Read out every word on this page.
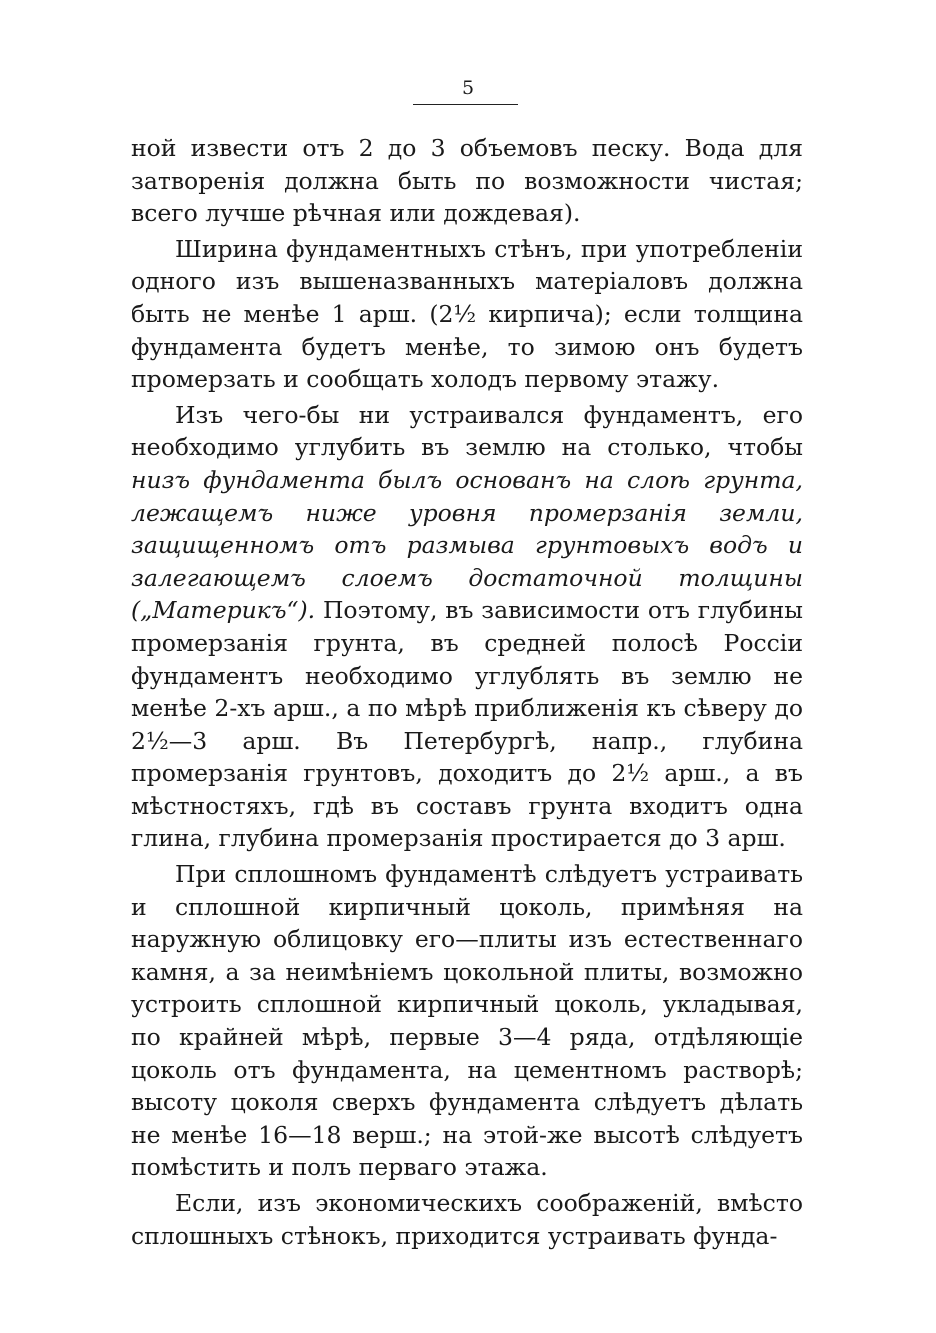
5

ной извести отъ 2 до 3 объемовъ песку. Вода для затворенія должна быть по возможности чистая; всего лучше рѣчная или дождевая).

Ширина фундаментныхъ стѣнъ, при употребленіи одного изъ вышеназванныхъ матеріаловъ должна быть не менѣе 1 арш. (2½ кирпича); если толщина фундамента будетъ менѣе, то зимою онъ будетъ промерзать и сообщать холодъ первому этажу.

Изъ чего-бы ни устраивался фундаментъ, его необходимо углубить въ землю на столько, чтобы низъ фундамента былъ основанъ на слоѣ грунта, лежащемъ ниже уровня промерзанія земли, защищенномъ отъ размыва грунтовыхъ водъ и залегающемъ слоемъ достаточной толщины („Материкъ“). Поэтому, въ зависимости отъ глубины промерзанія грунта, въ средней полосѣ Россіи фундаментъ необходимо углублять въ землю не менѣе 2-хъ арш., а по мѣрѣ приближенія къ сѣверу до 2½—3 арш. Въ Петербургѣ, напр., глубина промерзанія грунтовъ, доходитъ до 2½ арш., а въ мѣстностяхъ, гдѣ въ составъ грунта входитъ одна глина, глубина промерзанія простирается до 3 арш.

При сплошномъ фундаментѣ слѣдуетъ устраивать и сплошной кирпичный цоколь, примѣняя на наружную облицовку его—плиты изъ естественнаго камня, а за неимѣніемъ цокольной плиты, возможно устроить сплошной кирпичный цоколь, укладывая, по крайней мѣрѣ, первые 3—4 ряда, отдѣляющіе цоколь отъ фундамента, на цементномъ растворѣ; высоту цоколя сверхъ фундамента слѣдуетъ дѣлать не менѣе 16—18 верш.; на этой-же высотѣ слѣдуетъ помѣстить и полъ перваго этажа.

Если, изъ экономическихъ соображеній, вмѣсто сплошныхъ стѣнокъ, приходится устраивать фунда-
